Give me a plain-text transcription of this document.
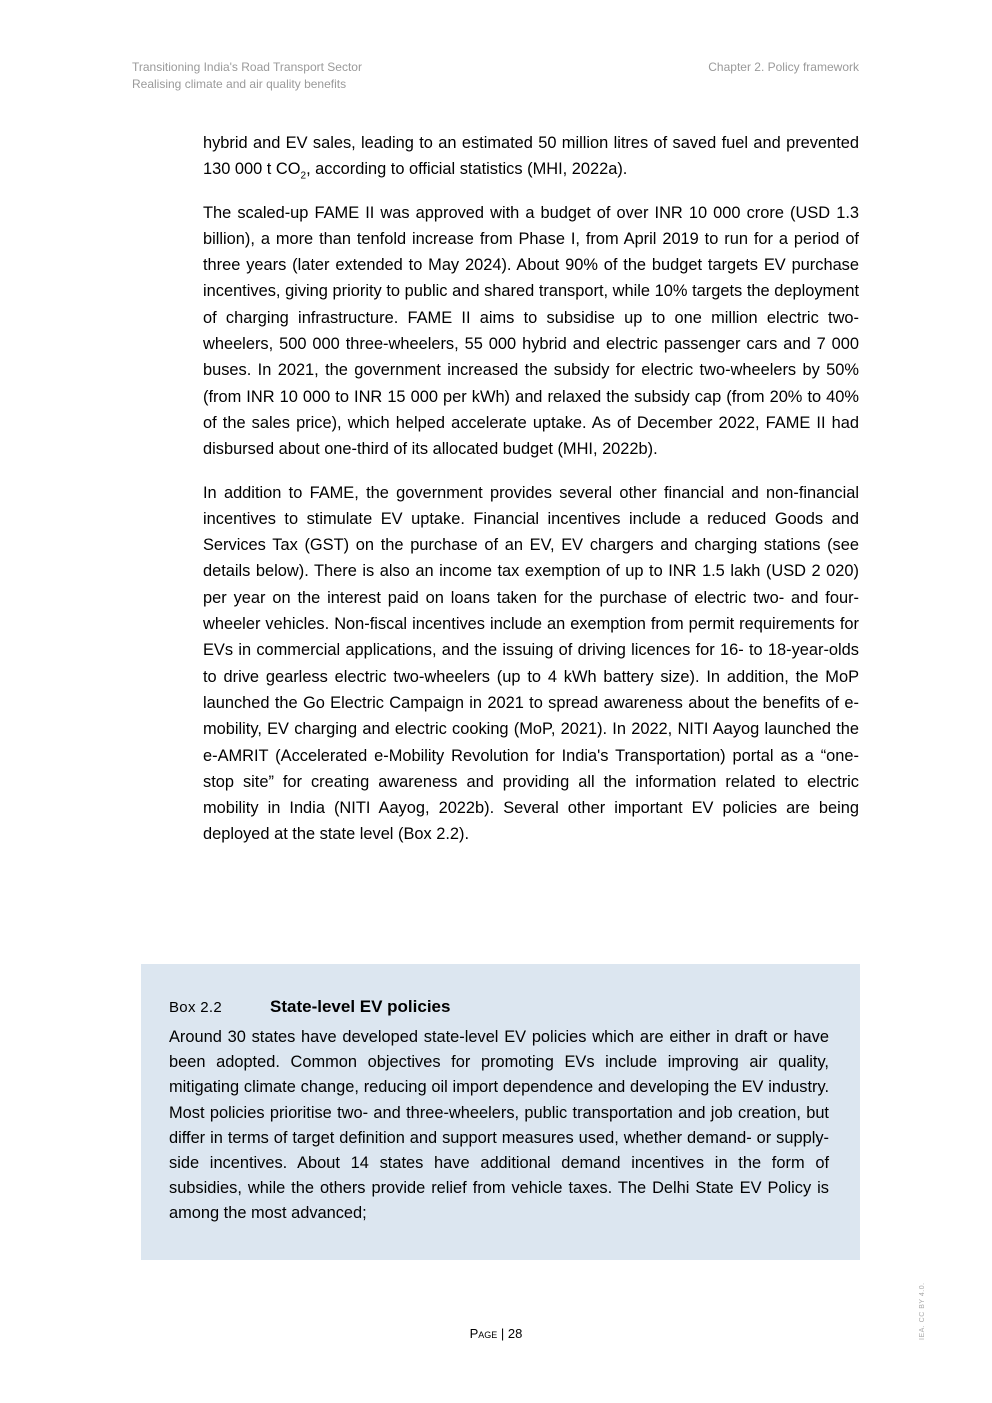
Transitioning India's Road Transport Sector
Realising climate and air quality benefits
Chapter 2. Policy framework

hybrid and EV sales, leading to an estimated 50 million litres of saved fuel and prevented 130 000 t $CO_2$, according to official statistics (MHI, 2022a).

The scaled-up FAME II was approved with a budget of over INR 10 000 crore (USD 1.3 billion), a more than tenfold increase from Phase I, from April 2019 to run for a period of three years (later extended to May 2024). About 90% of the budget targets EV purchase incentives, giving priority to public and shared transport, while 10% targets the deployment of charging infrastructure. FAME II aims to subsidise up to one million electric two-wheelers, 500 000 three-wheelers, 55 000 hybrid and electric passenger cars and 7 000 buses. In 2021, the government increased the subsidy for electric two-wheelers by 50% (from INR 10 000 to INR 15 000 per kWh) and relaxed the subsidy cap (from 20% to 40% of the sales price), which helped accelerate uptake. As of December 2022, FAME II had disbursed about one-third of its allocated budget (MHI, 2022b).

In addition to FAME, the government provides several other financial and non-financial incentives to stimulate EV uptake. Financial incentives include a reduced Goods and Services Tax (GST) on the purchase of an EV, EV chargers and charging stations (see details below). There is also an income tax exemption of up to INR 1.5 lakh (USD 2 020) per year on the interest paid on loans taken for the purchase of electric two- and four-wheeler vehicles. Non-fiscal incentives include an exemption from permit requirements for EVs in commercial applications, and the issuing of driving licences for 16- to 18-year-olds to drive gearless electric two-wheelers (up to 4 kWh battery size). In addition, the MoP launched the Go Electric Campaign in 2021 to spread awareness about the benefits of e-mobility, EV charging and electric cooking (MoP, 2021). In 2022, NITI Aayog launched the e-AMRIT (Accelerated e-Mobility Revolution for India's Transportation) portal as a “one-stop site” for creating awareness and providing all the information related to electric mobility in India (NITI Aayog, 2022b). Several other important EV policies are being deployed at the state level (Box 2.2).

Box 2.2	State-level EV policies

Around 30 states have developed state-level EV policies which are either in draft or have been adopted. Common objectives for promoting EVs include improving air quality, mitigating climate change, reducing oil import dependence and developing the EV industry. Most policies prioritise two- and three-wheelers, public transportation and job creation, but differ in terms of target definition and support measures used, whether demand- or supply-side incentives. About 14 states have additional demand incentives in the form of subsidies, while the others provide relief from vehicle taxes. The Delhi State EV Policy is among the most advanced;

Page | 28	IEA. CC BY 4.0.
